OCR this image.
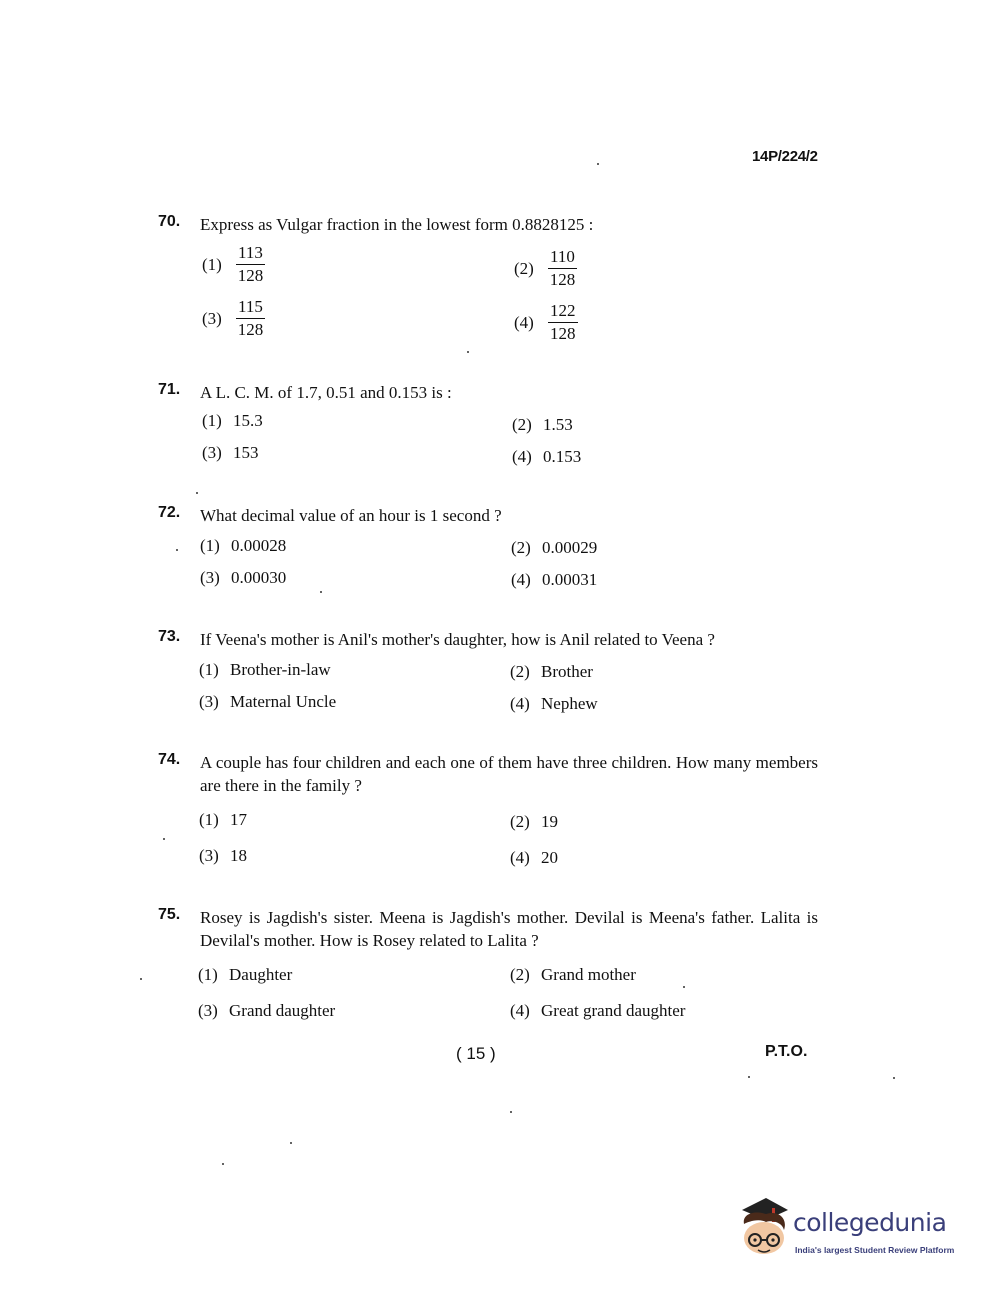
14P/224/2
70. Express as Vulgar fraction in the lowest form 0.8828125 :
$(1) \frac{113}{128}$	$(2) \frac{110}{128}$
$(3) \frac{115}{128}$	$(4) \frac{122}{128}$
71. A L. C. M. of 1.7, 0.51 and 0.153 is :
(1) 15.3	(2) 1.53
(3) 153	(4) 0.153
72. What decimal value of an hour is 1 second ?
(1) 0.00028	(2) 0.00029
(3) 0.00030	(4) 0.00031
73. If Veena's mother is Anil's mother's daughter, how is Anil related to Veena ?
(1) Brother-in-law	(2) Brother
(3) Maternal Uncle	(4) Nephew
74. A couple has four children and each one of them have three children. How many members are there in the family ?
(1) 17	(2) 19
(3) 18	(4) 20
75. Rosey is Jagdish's sister. Meena is Jagdish's mother. Devilal is Meena's father. Lalita is Devilal's mother. How is Rosey related to Lalita ?
(1) Daughter	(2) Grand mother
(3) Grand daughter	(4) Great grand daughter
( 15 )	P.T.O.
collegedunia
India's largest Student Review Platform
